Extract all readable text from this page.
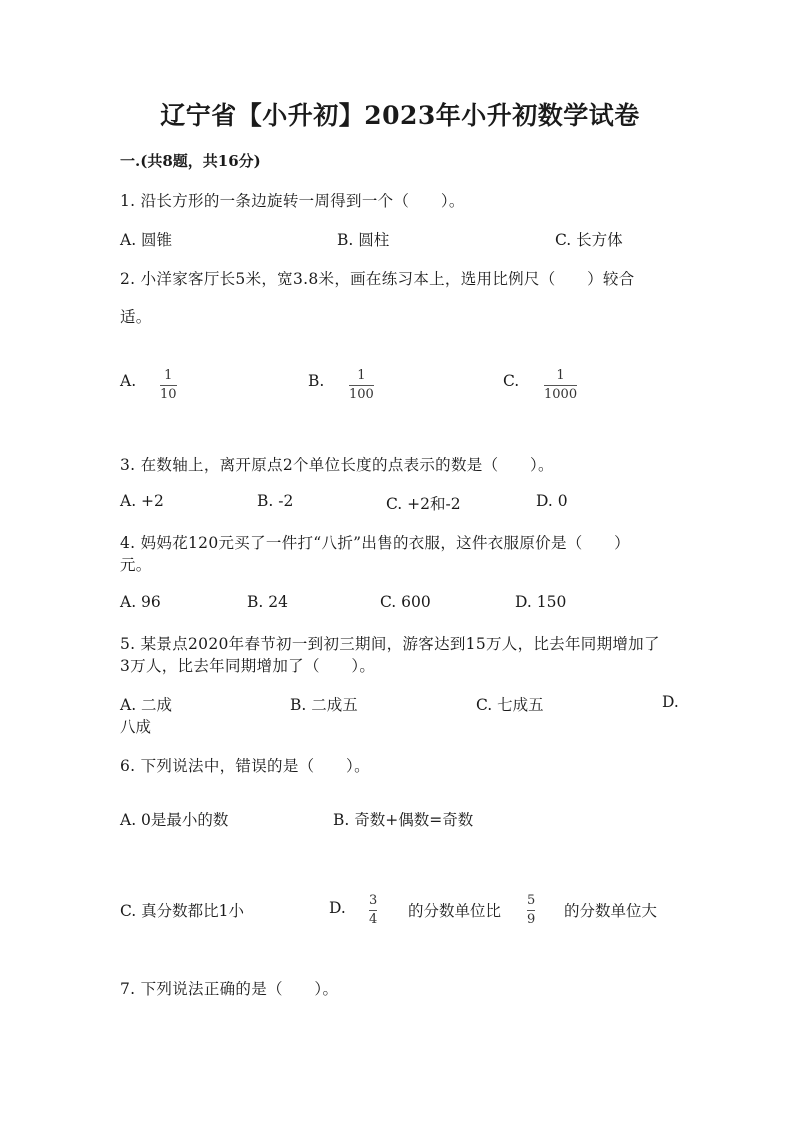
辽宁省【小升初】2023年小升初数学试卷
一.(共8题，共16分)
1. 沿长方形的一条边旋转一周得到一个（　　）。
A. 圆锥	B. 圆柱	C. 长方体
2. 小洋家客厅长5米，宽3.8米，画在练习本上，选用比例尺（　　）较合
适。
A. 1
10
B.	1
100
C.	1
1000
3. 在数轴上，离开原点2个单位长度的点表示的数是（　　）。
A. +2	B. -2	C. +2和-2	D. 0
4. 妈妈花120元买了一件打“八折”出售的衣服，这件衣服原价是（　　）
元。
A. 96	B. 24	C. 600	D. 150
5. 某景点2020年春节初一到初三期间，游客达到15万人，比去年同期增加了
3万人，比去年同期增加了（　　）。
A. 二成	B. 二成五	C. 七成五	D.
八成
6. 下列说法中，错误的是（　　）。
A. 0是最小的数	B. 奇数+偶数=奇数
C. 真分数都比1小	D. 3
4 的分数单位比
5
9 的分数单位大
7. 下列说法正确的是（　　）。
